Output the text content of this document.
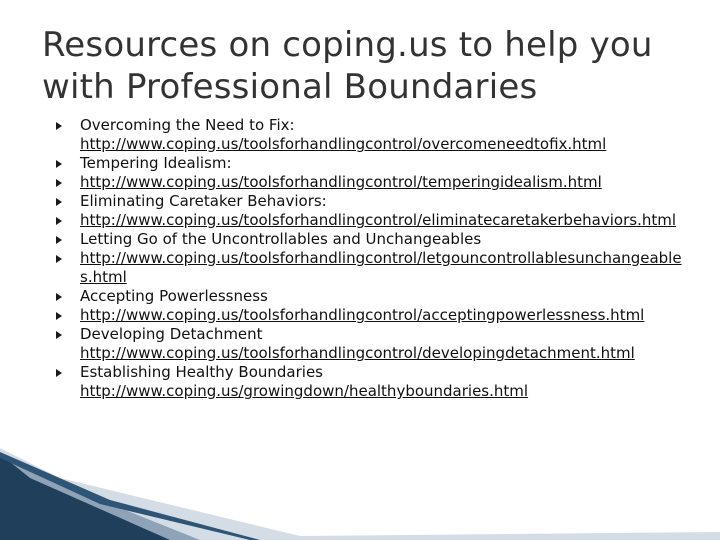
Resources on coping.us to help you with Professional Boundaries
Overcoming the Need to Fix:
http://www.coping.us/toolsforhandlingcontrol/overcomeneedtofix.html
Tempering Idealism:
http://www.coping.us/toolsforhandlingcontrol/temperingidealism.html
Eliminating Caretaker Behaviors:
http://www.coping.us/toolsforhandlingcontrol/eliminatecaretakerbehaviors.html
Letting Go of the Uncontrollables and Unchangeables
http://www.coping.us/toolsforhandlingcontrol/letgouncontrollablesunchangeables.html
Accepting Powerlessness
http://www.coping.us/toolsforhandlingcontrol/acceptingpowerlessness.html
Developing Detachment
http://www.coping.us/toolsforhandlingcontrol/developingdetachment.html
Establishing Healthy Boundaries
http://www.coping.us/growingdown/healthyboundaries.html
